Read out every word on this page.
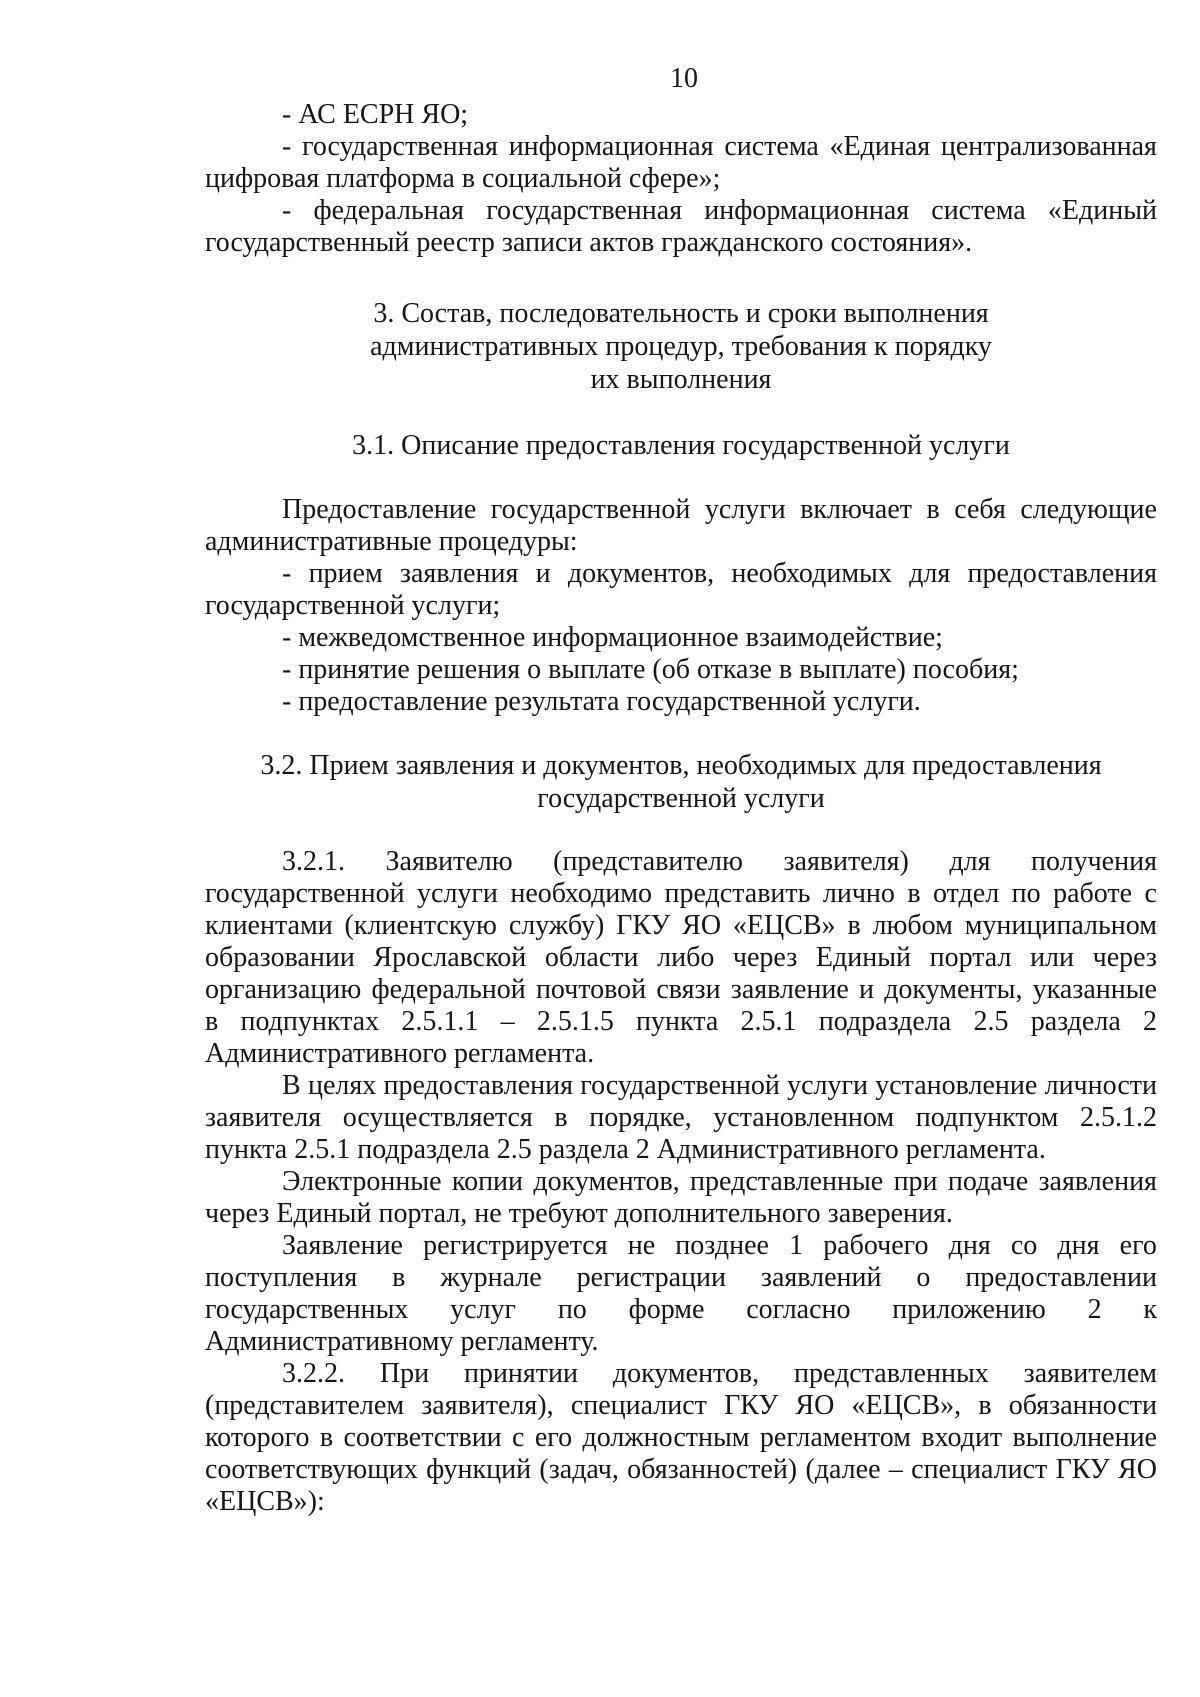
10
- АС ЕСРН ЯО;
- государственная информационная система «Единая централизованная
цифровая платформа в социальной сфере»;
- федеральная государственная информационная система «Единый
государственный реестр записи актов гражданского состояния».
3. Состав, последовательность и сроки выполнения
административных процедур, требования к порядку
их выполнения
3.1. Описание предоставления государственной услуги
Предоставление государственной услуги включает в себя следующие
административные процедуры:
- прием заявления и документов, необходимых для предоставления
государственной услуги;
- межведомственное информационное взаимодействие;
- принятие решения о выплате (об отказе в выплате) пособия;
- предоставление результата государственной услуги.
3.2. Прием заявления и документов, необходимых для предоставления
государственной услуги
3.2.1. Заявителю (представителю заявителя) для получения
государственной услуги необходимо представить лично в отдел по работе с
клиентами (клиентскую службу) ГКУ ЯО «ЕЦСВ» в любом муниципальном
образовании Ярославской области либо через Единый портал или через
организацию федеральной почтовой связи заявление и документы, указанные
в подпунктах 2.5.1.1 – 2.5.1.5 пункта 2.5.1 подраздела 2.5 раздела 2
Административного регламента.
В целях предоставления государственной услуги установление личности
заявителя осуществляется в порядке, установленном подпунктом 2.5.1.2
пункта 2.5.1 подраздела 2.5 раздела 2 Административного регламента.
Электронные копии документов, представленные при подаче заявления
через Единый портал, не требуют дополнительного заверения.
Заявление регистрируется не позднее 1 рабочего дня со дня его
поступления в журнале регистрации заявлений о предоставлении
государственных услуг по форме согласно приложению 2 к
Административному регламенту.
3.2.2. При принятии документов, представленных заявителем
(представителем заявителя), специалист ГКУ ЯО «ЕЦСВ», в обязанности
которого в соответствии с его должностным регламентом входит выполнение
соответствующих функций (задач, обязанностей) (далее – специалист ГКУ ЯО
«ЕЦСВ»):
